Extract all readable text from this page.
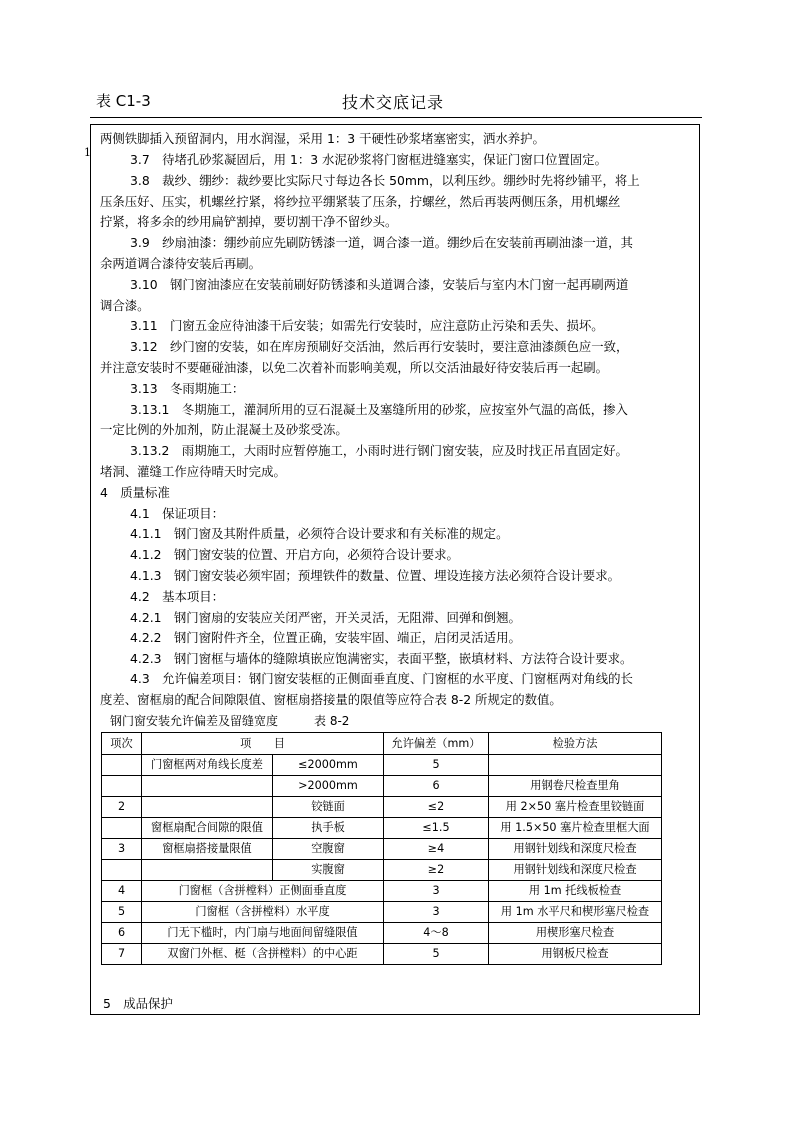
表 C1-3	技术交底记录
1
两侧铁脚插入预留洞内，用水润湿，采用 1：3 干硬性砂浆堵塞密实，洒水养护。
3.7　待堵孔砂浆凝固后，用 1：3 水泥砂浆将门窗框进缝塞实，保证门窗口位置固定。
3.8　裁纱、绷纱：裁纱要比实际尺寸每边各长 50mm，以利压纱。绷纱时先将纱铺平，将上
压条压好、压实，机螺丝拧紧，将纱拉平绷紧装了压条，拧螺丝，然后再装两侧压条，用机螺丝
拧紧，将多余的纱用扁铲割掉，要切割干净不留纱头。
3.9　纱扇油漆：绷纱前应先刷防锈漆一道，调合漆一道。绷纱后在安装前再刷油漆一道，其
余两道调合漆待安装后再刷。
3.10　钢门窗油漆应在安装前刷好防锈漆和头道调合漆，安装后与室内木门窗一起再刷两道
调合漆。
3.11　门窗五金应待油漆干后安装；如需先行安装时，应注意防止污染和丢失、损坏。
3.12　纱门窗的安装，如在库房预刷好交活油，然后再行安装时，要注意油漆颜色应一致，
并注意安装时不要砸碰油漆，以免二次着补而影响美观，所以交活油最好待安装后再一起刷。
3.13　冬雨期施工：
3.13.1　冬期施工，灌洞所用的豆石混凝土及塞缝所用的砂浆，应按室外气温的高低，掺入
一定比例的外加剂，防止混凝土及砂浆受冻。
3.13.2　雨期施工，大雨时应暂停施工，小雨时进行钢门窗安装，应及时找正吊直固定好。
堵洞、灌缝工作应待晴天时完成。
4　质量标准
4.1　保证项目：
4.1.1　钢门窗及其附件质量，必须符合设计要求和有关标准的规定。
4.1.2　钢门窗安装的位置、开启方向，必须符合设计要求。
4.1.3　钢门窗安装必须牢固；预埋铁件的数量、位置、埋设连接方法必须符合设计要求。
4.2　基本项目：
4.2.1　钢门窗扇的安装应关闭严密，开关灵活，无阻滞、回弹和倒翘。
4.2.2　钢门窗附件齐全，位置正确，安装牢固、端正，启闭灵活适用。
4.2.3　钢门窗框与墙体的缝隙填嵌应饱满密实，表面平整，嵌填材料、方法符合设计要求。
4.3　允许偏差项目：钢门窗安装框的正侧面垂直度、门窗框的水平度、门窗框两对角线的长
度差、窗框扇的配合间隙限值、窗框扇搭接量的限值等应符合表 8-2 所规定的数值。
钢门窗安装允许偏差及留缝宽度　　　表 8-2
项次	项　　目		允许偏差（mm）	检验方法
	门窗框两对角线长度差	≤2000mm	5	
		>2000mm	6	用钢卷尺检查里角
2		铰链面	≤2	用 2×50 塞片检查里铰链面
	窗框扇配合间隙的限值	执手板	≤1.5	用 1.5×50 塞片检查里框大面
3	窗框扇搭接量限值	空腹窗	≥4	用钢针划线和深度尺检查
		实腹窗	≥2	用钢针划线和深度尺检查
4	门窗框（含拼樘料）正侧面垂直度		3	用 1m 托线板检查
5	门窗框（含拼樘料）水平度		3	用 1m 水平尺和楔形塞尺检查
6	门无下槛时，内门扇与地面间留缝限值		4～8	用楔形塞尺检查
7	双窗门外框、梃（含拼樘料）的中心距		5	用钢板尺检查
5　成品保护
